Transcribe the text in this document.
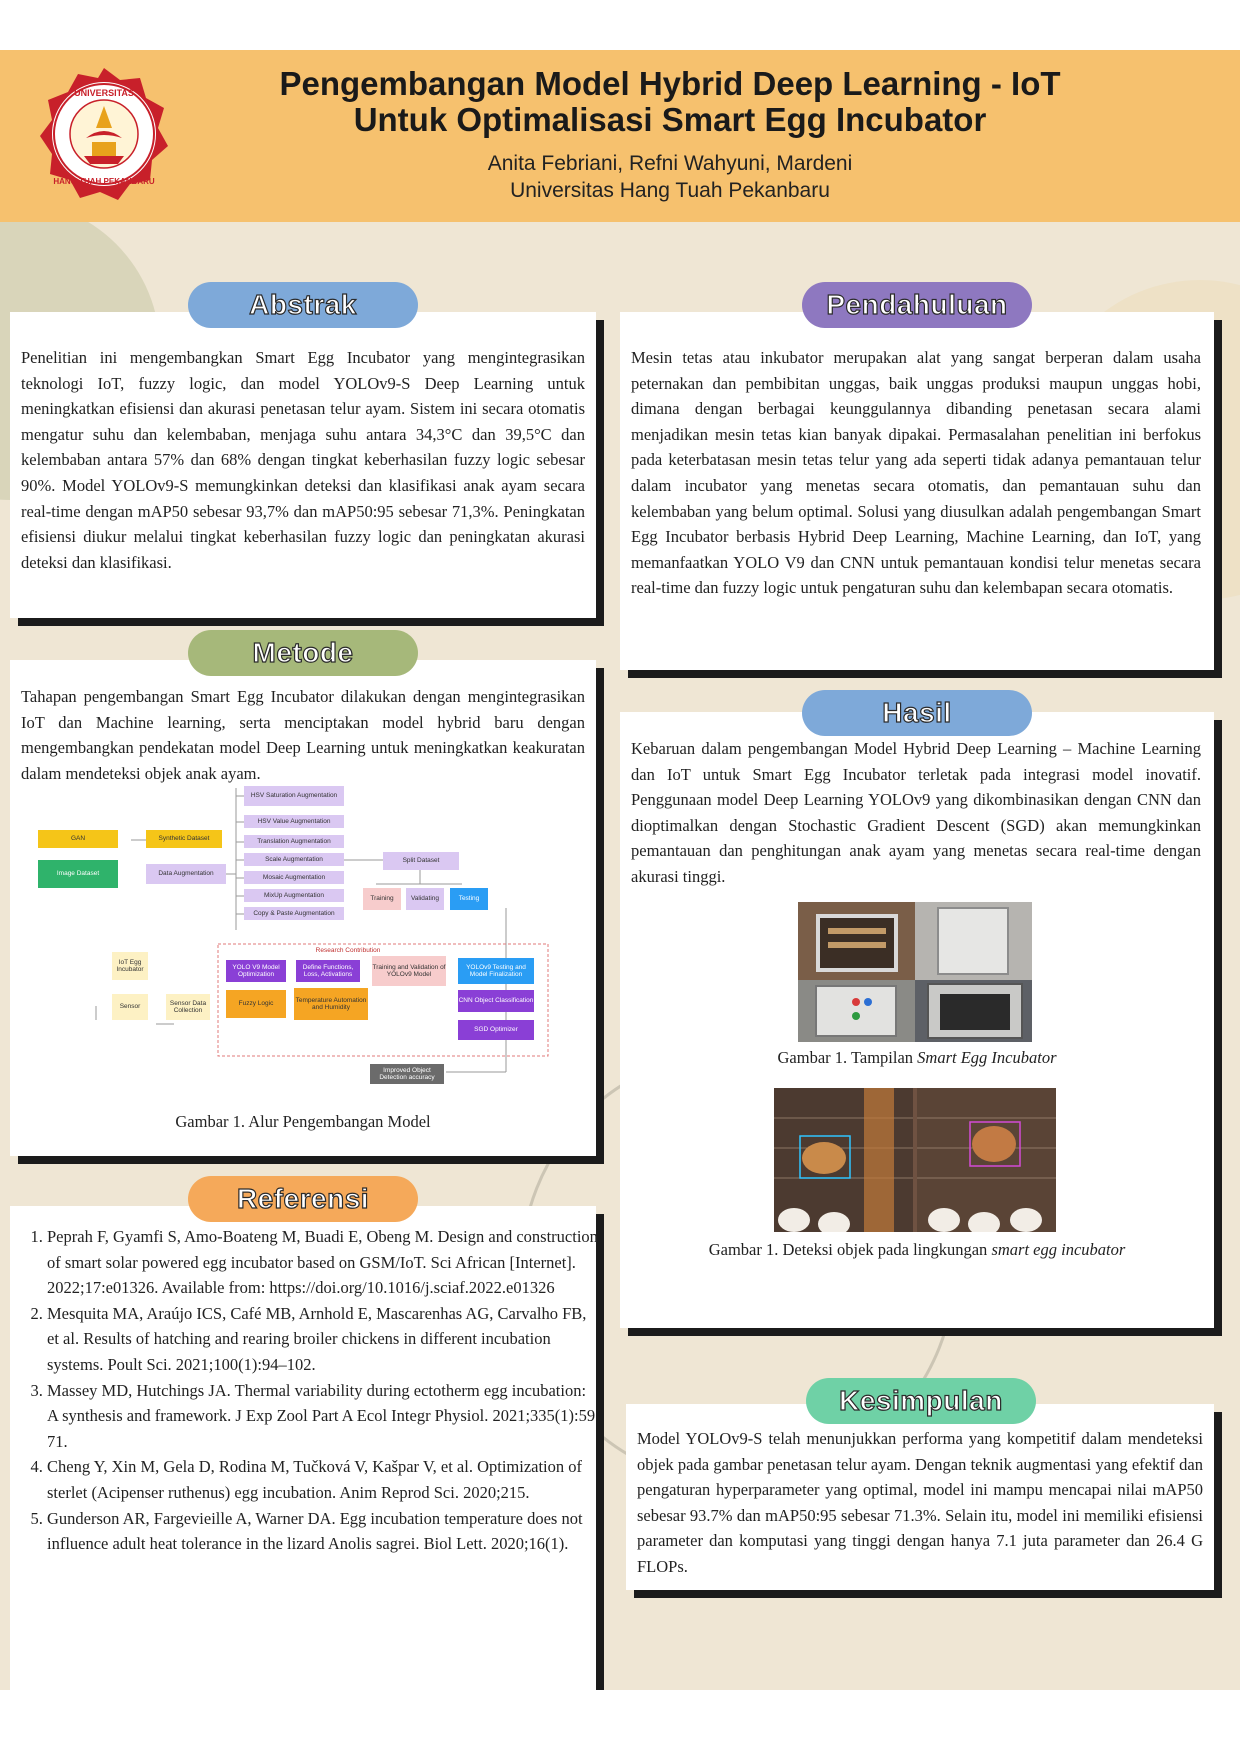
UNIVERSITAS
HANG TUAH PEKANBARU
Pengembangan Model Hybrid Deep Learning - IoT
Untuk Optimalisasi Smart Egg Incubator
Anita Febriani, Refni Wahyuni, Mardeni
Universitas Hang Tuah Pekanbaru

Penelitian ini mengembangkan Smart Egg Incubator yang mengintegrasikan teknologi IoT, fuzzy logic, dan model YOLOv9-S Deep Learning untuk meningkatkan efisiensi dan akurasi penetasan telur ayam. Sistem ini secara otomatis mengatur suhu dan kelembaban, menjaga suhu antara 34,3°C dan 39,5°C dan kelembaban antara 57% dan 68% dengan tingkat keberhasilan fuzzy logic sebesar 90%. Model YOLOv9-S memungkinkan deteksi dan klasifikasi anak ayam secara real-time dengan mAP50 sebesar 93,7% dan mAP50:95 sebesar 71,3%. Peningkatan efisiensi diukur melalui tingkat keberhasilan fuzzy logic dan peningkatan akurasi deteksi dan klasifikasi.

Abstrak

Mesin tetas atau inkubator merupakan alat yang sangat berperan dalam usaha peternakan dan pembibitan unggas, baik unggas produksi maupun unggas hobi, dimana dengan berbagai keunggulannya dibanding penetasan secara alami menjadikan mesin tetas kian banyak dipakai. Permasalahan penelitian ini berfokus pada keterbatasan mesin tetas telur yang ada seperti tidak adanya pemantauan telur dalam incubator yang menetas secara otomatis, dan pemantauan suhu dan kelembaban yang belum optimal. Solusi yang diusulkan adalah pengembangan Smart Egg Incubator berbasis Hybrid Deep Learning, Machine Learning, dan IoT, yang memanfaatkan YOLO V9 dan CNN untuk pemantauan kondisi telur menetas secara real-time dan fuzzy logic untuk pengaturan suhu dan kelembapan secara otomatis.

Pendahuluan

Tahapan pengembangan Smart Egg Incubator dilakukan dengan mengintegrasikan IoT dan Machine learning, serta menciptakan model hybrid baru dengan mengembangkan pendekatan model Deep Learning untuk meningkatkan keakuratan dalam mendeteksi objek anak ayam.

GAN	Synthetic Dataset
Image Dataset	Data Augmentation
HSV Saturation Augmentation
HSV Value Augmentation
Translation Augmentation
Scale Augmentation
Mosaic Augmentation
MixUp Augmentation
Copy & Paste Augmentation
Split Dataset
Training	Validating	Testing
Research Contribution
YOLO V9 Model Optimization
Define Functions, Loss, Activations
Training and Validation of YOLOv9 Model
YOLOv9 Testing and Model Finalization
CNN Object Classification
SGD Optimizer
Fuzzy Logic
Temperature Automation and Humidity
IoT Egg Incubator
Sensor
Sensor Data Collection
Improved Object Detection accuracy
Metode
Gambar 1. Alur Pengembangan Model

Kebaruan dalam pengembangan Model Hybrid Deep Learning – Machine Learning dan IoT untuk Smart Egg Incubator terletak pada integrasi model inovatif. Penggunaan model Deep Learning YOLOv9 yang dikombinasikan dengan CNN dan dioptimalkan dengan Stochastic Gradient Descent (SGD) akan memungkinkan pemantauan dan penghitungan anak ayam yang menetas secara real-time dengan akurasi tinggi.

Gambar 1. Tampilan Smart Egg Incubator
Gambar 1. Deteksi objek pada lingkungan smart egg incubator
Hasil
1. Peprah F, Gyamfi S, Amo-Boateng M, Buadi E, Obeng M. Design and construction of smart solar powered egg incubator based on GSM/IoT. Sci African [Internet]. 2022;17:e01326. Available from: https://doi.org/10.1016/j.sciaf.2022.e01326
2. Mesquita MA, Araújo ICS, Café MB, Arnhold E, Mascarenhas AG, Carvalho FB, et al. Results of hatching and rearing broiler chickens in different incubation systems. Poult Sci. 2021;100(1):94–102.
3. Massey MD, Hutchings JA. Thermal variability during ectotherm egg incubation: A synthesis and framework. J Exp Zool Part A Ecol Integr Physiol. 2021;335(1):59 71.
4. Cheng Y, Xin M, Gela D, Rodina M, Tučková V, Kašpar V, et al. Optimization of sterlet (Acipenser ruthenus) egg incubation. Anim Reprod Sci. 2020;215.
5. Gunderson AR, Fargevieille A, Warner DA. Egg incubation temperature does not influence adult heat tolerance in the lizard Anolis sagrei. Biol Lett. 2020;16(1).
Referensi

Model YOLOv9-S telah menunjukkan performa yang kompetitif dalam mendeteksi objek pada gambar penetasan telur ayam. Dengan teknik augmentasi yang efektif dan pengaturan hyperparameter yang optimal, model ini mampu mencapai nilai mAP50 sebesar 93.7% dan mAP50:95 sebesar 71.3%. Selain itu, model ini memiliki efisiensi parameter dan komputasi yang tinggi dengan hanya 7.1 juta parameter dan 26.4 G FLOPs.

Kesimpulan
